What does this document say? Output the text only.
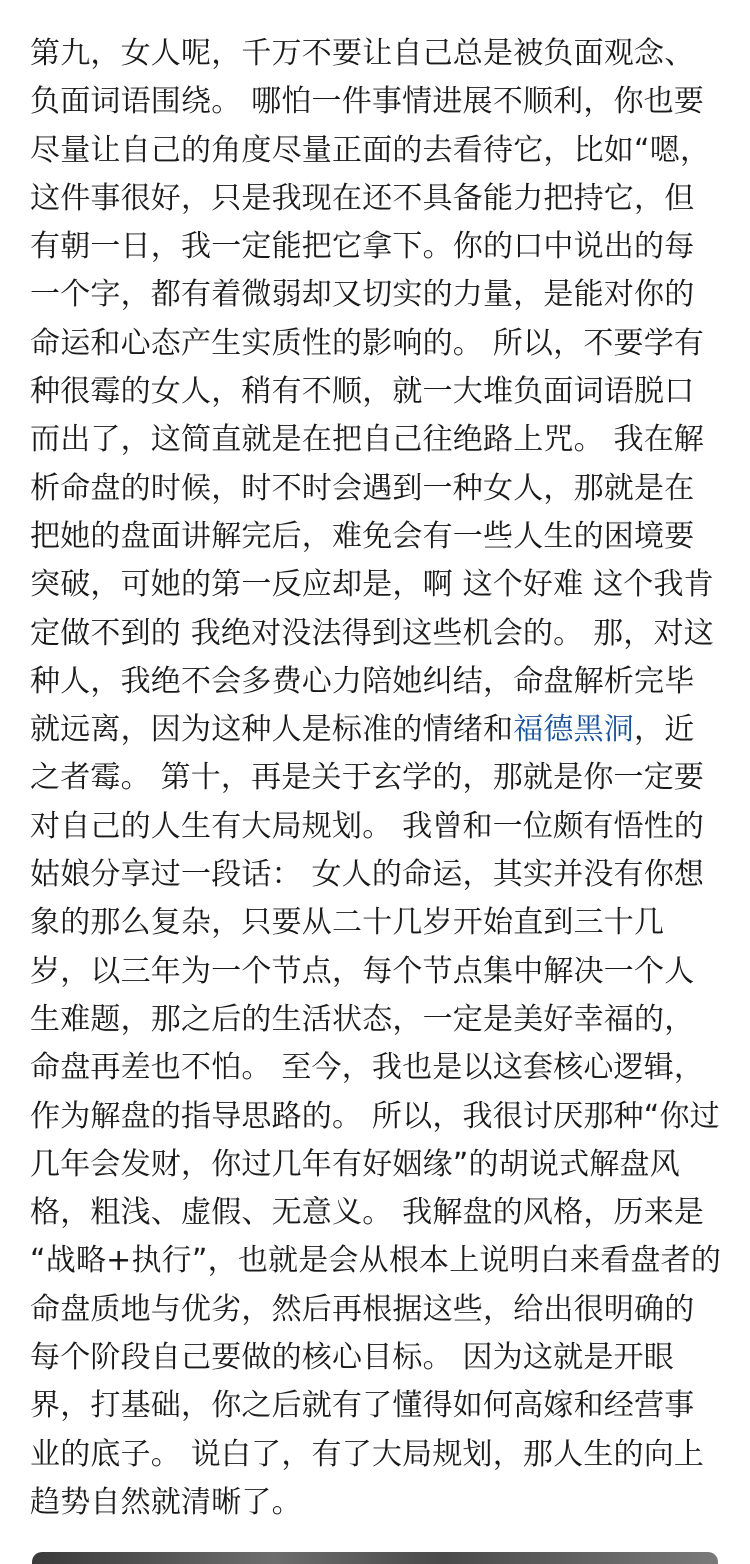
第九，女人呢，千万不要让自己总是被负面观念、
负面词语围绕。 哪怕一件事情进展不顺利，你也要
尽量让自己的角度尽量正面的去看待它，比如“嗯，
这件事很好，只是我现在还不具备能力把持它，但
有朝一日，我一定能把它拿下。你的口中说出的每
一个字，都有着微弱却又切实的力量，是能对你的
命运和心态产生实质性的影响的。 所以，不要学有
种很霉的女人，稍有不顺，就一大堆负面词语脱口
而出了，这简直就是在把自己往绝路上咒。 我在解
析命盘的时候，时不时会遇到一种女人，那就是在
把她的盘面讲解完后，难免会有一些人生的困境要
突破，可她的第一反应却是，啊 这个好难 这个我肯
定做不到的 我绝对没法得到这些机会的。 那，对这
种人，我绝不会多费心力陪她纠结，命盘解析完毕
就远离，因为这种人是标准的情绪和福德黑洞，近
之者霉。 第十，再是关于玄学的，那就是你一定要
对自己的人生有大局规划。 我曾和一位颇有悟性的
姑娘分享过一段话： 女人的命运，其实并没有你想
象的那么复杂，只要从二十几岁开始直到三十几
岁，以三年为一个节点，每个节点集中解决一个人
生难题，那之后的生活状态，一定是美好幸福的，
命盘再差也不怕。 至今，我也是以这套核心逻辑，
作为解盘的指导思路的。 所以，我很讨厌那种“你过
几年会发财，你过几年有好姻缘”的胡说式解盘风
格，粗浅、虚假、无意义。 我解盘的风格，历来是
“战略+执行”，也就是会从根本上说明白来看盘者的
命盘质地与优劣，然后再根据这些，给出很明确的
每个阶段自己要做的核心目标。 因为这就是开眼
界，打基础，你之后就有了懂得如何高嫁和经营事
业的底子。 说白了，有了大局规划，那人生的向上
趋势自然就清晰了。
